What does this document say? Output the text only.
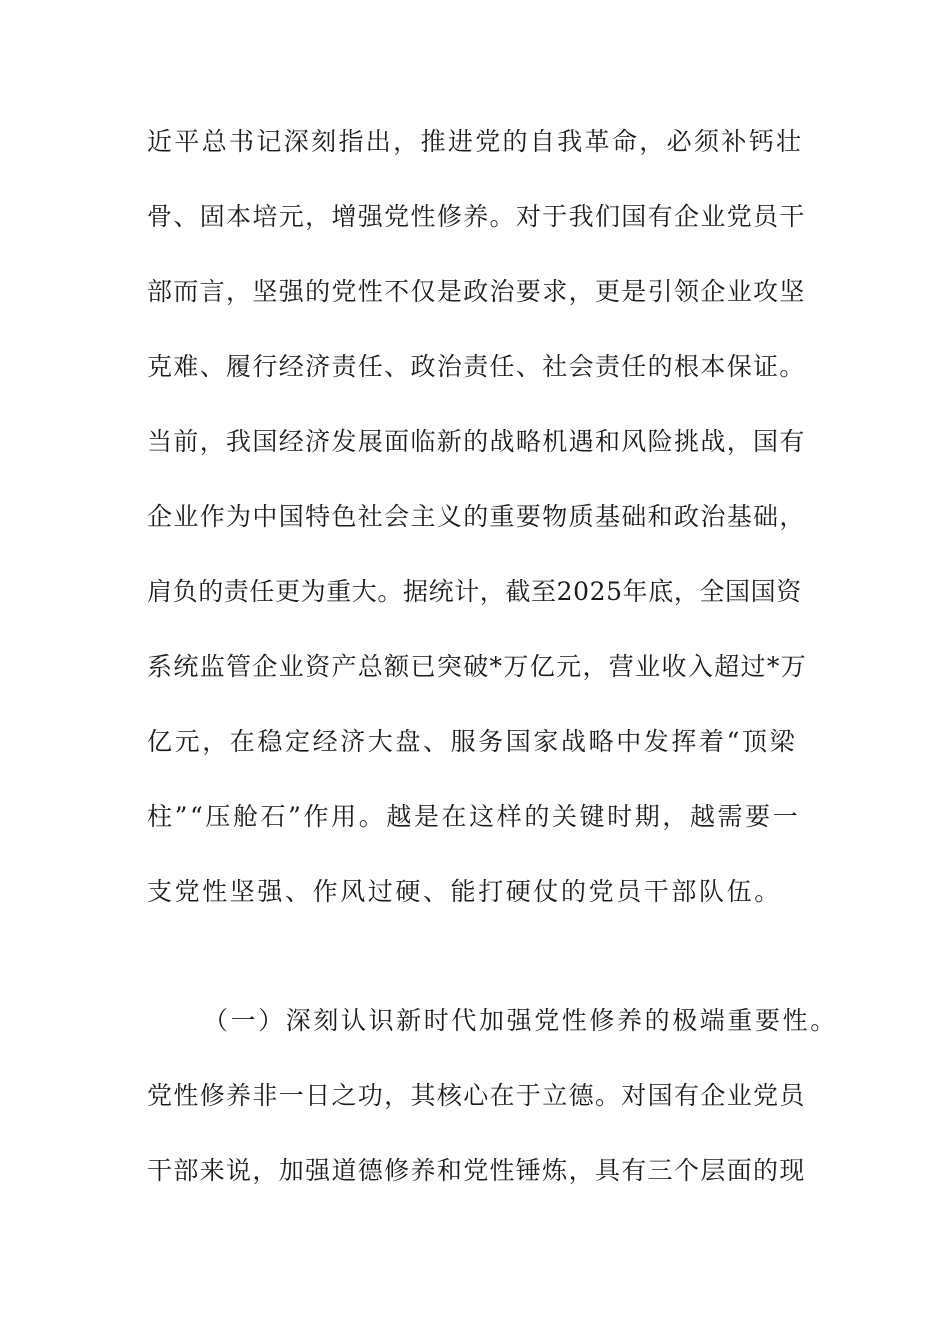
近平总书记深刻指出，推进党的自我革命，必须补钙壮
骨、固本培元，增强党性修养。对于我们国有企业党员干
部而言，坚强的党性不仅是政治要求，更是引领企业攻坚
克难、履行经济责任、政治责任、社会责任的根本保证。
当前，我国经济发展面临新的战略机遇和风险挑战，国有
企业作为中国特色社会主义的重要物质基础和政治基础，
肩负的责任更为重大。据统计，截至2025年底，全国国资
系统监管企业资产总额已突破*万亿元，营业收入超过*万
亿元，在稳定经济大盘、服务国家战略中发挥着“顶梁
柱”“压舱石”作用。越是在这样的关键时期，越需要一
支党性坚强、作风过硬、能打硬仗的党员干部队伍。
（一）深刻认识新时代加强党性修养的极端重要性。
党性修养非一日之功，其核心在于立德。对国有企业党员
干部来说，加强道德修养和党性锤炼，具有三个层面的现
